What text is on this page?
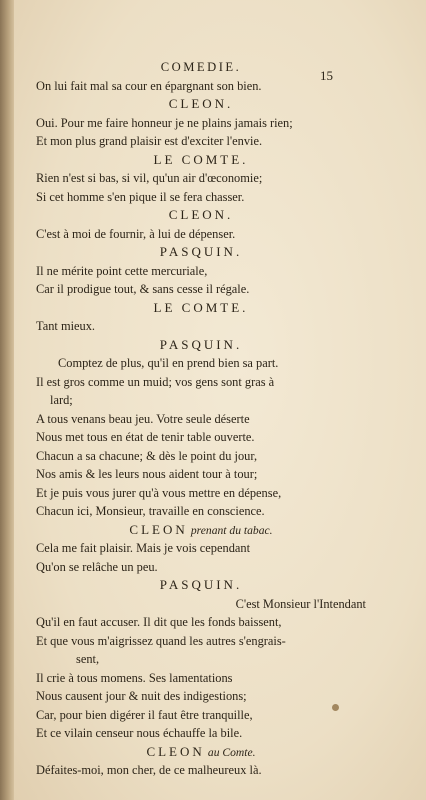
15
COMEDIE.
On lui fait mal sa cour en épargnant son bien.
CLEON.
Oui. Pour me faire honneur je ne plains jamais rien;
Et mon plus grand plaisir est d'exciter l'envie.
LE COMTE.
Rien n'est si bas, si vil, qu'un air d'œconomie;
Si cet homme s'en pique il se fera chasser.
CLEON.
C'est à moi de fournir, à lui de dépenser.
PASQUIN.
Il ne mérite point cette mercuriale,
Car il prodigue tout, & sans cesse il régale.
LE COMTE.
Tant mieux.
PASQUIN.
Comptez de plus, qu'il en prend bien sa part.
Il est gros comme un muid; vos gens sont gras à
lard;
A tous venans beau jeu. Votre seule déserte
Nous met tous en état de tenir table ouverte.
Chacun a sa chacune; & dès le point du jour,
Nos amis & les leurs nous aident tour à tour;
Et je puis vous jurer qu'à vous mettre en dépense,
Chacun ici, Monsieur, travaille en conscience.
CLEON prenant du tabac.
Cela me fait plaisir. Mais je vois cependant
Qu'on se relâche un peu.
PASQUIN.
C'est Monsieur l'Intendant
Qu'il en faut accuser. Il dit que les fonds baissent,
Et que vous m'aigrissez quand les autres s'engrais-
sent,
Il crie à tous momens. Ses lamentations
Nous causent jour & nuit des indigestions;
Car, pour bien digérer il faut être tranquille,
Et ce vilain censeur nous échauffe la bile.
CLEON au Comte.
Défaites-moi, mon cher, de ce malheureux là.
